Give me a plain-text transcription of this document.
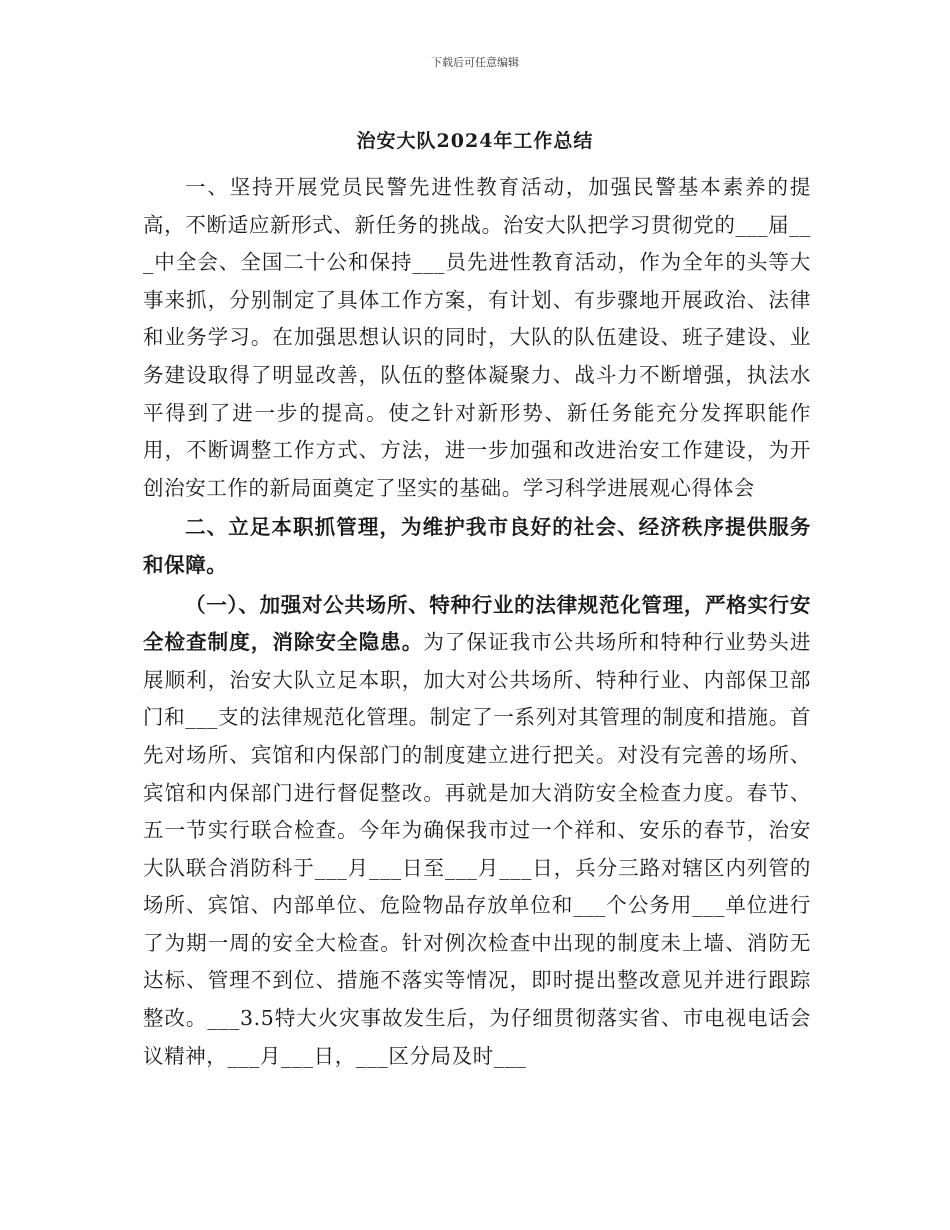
下载后可任意编辑
治安大队2024年工作总结

一、坚持开展党员民警先进性教育活动，加强民警基本素养的提高，不断适应新形式、新任务的挑战。治安大队把学习贯彻党的___届___中全会、全国二十公和保持___员先进性教育活动，作为全年的头等大事来抓，分别制定了具体工作方案，有计划、有步骤地开展政治、法律和业务学习。在加强思想认识的同时，大队的队伍建设、班子建设、业务建设取得了明显改善，队伍的整体凝聚力、战斗力不断增强，执法水平得到了进一步的提高。使之针对新形势、新任务能充分发挥职能作用，不断调整工作方式、方法，进一步加强和改进治安工作建设，为开创治安工作的新局面奠定了坚实的基础。学习科学进展观心得体会

二、立足本职抓管理，为维护我市良好的社会、经济秩序提供服务和保障。

（一）、加强对公共场所、特种行业的法律规范化管理，严格实行安全检查制度，消除安全隐患。为了保证我市公共场所和特种行业势头进展顺利，治安大队立足本职，加大对公共场所、特种行业、内部保卫部门和___支的法律规范化管理。制定了一系列对其管理的制度和措施。首先对场所、宾馆和内保部门的制度建立进行把关。对没有完善的场所、宾馆和内保部门进行督促整改。再就是加大消防安全检查力度。春节、五一节实行联合检查。今年为确保我市过一个祥和、安乐的春节，治安大队联合消防科于___月___日至___月___日，兵分三路对辖区内列管的场所、宾馆、内部单位、危险物品存放单位和___个公务用___单位进行了为期一周的安全大检查。针对例次检查中出现的制度未上墙、消防无达标、管理不到位、措施不落实等情况，即时提出整改意见并进行跟踪整改。___3.5特大火灾事故发生后，为仔细贯彻落实省、市电视电话会议精神，___月___日，___区分局及时___
